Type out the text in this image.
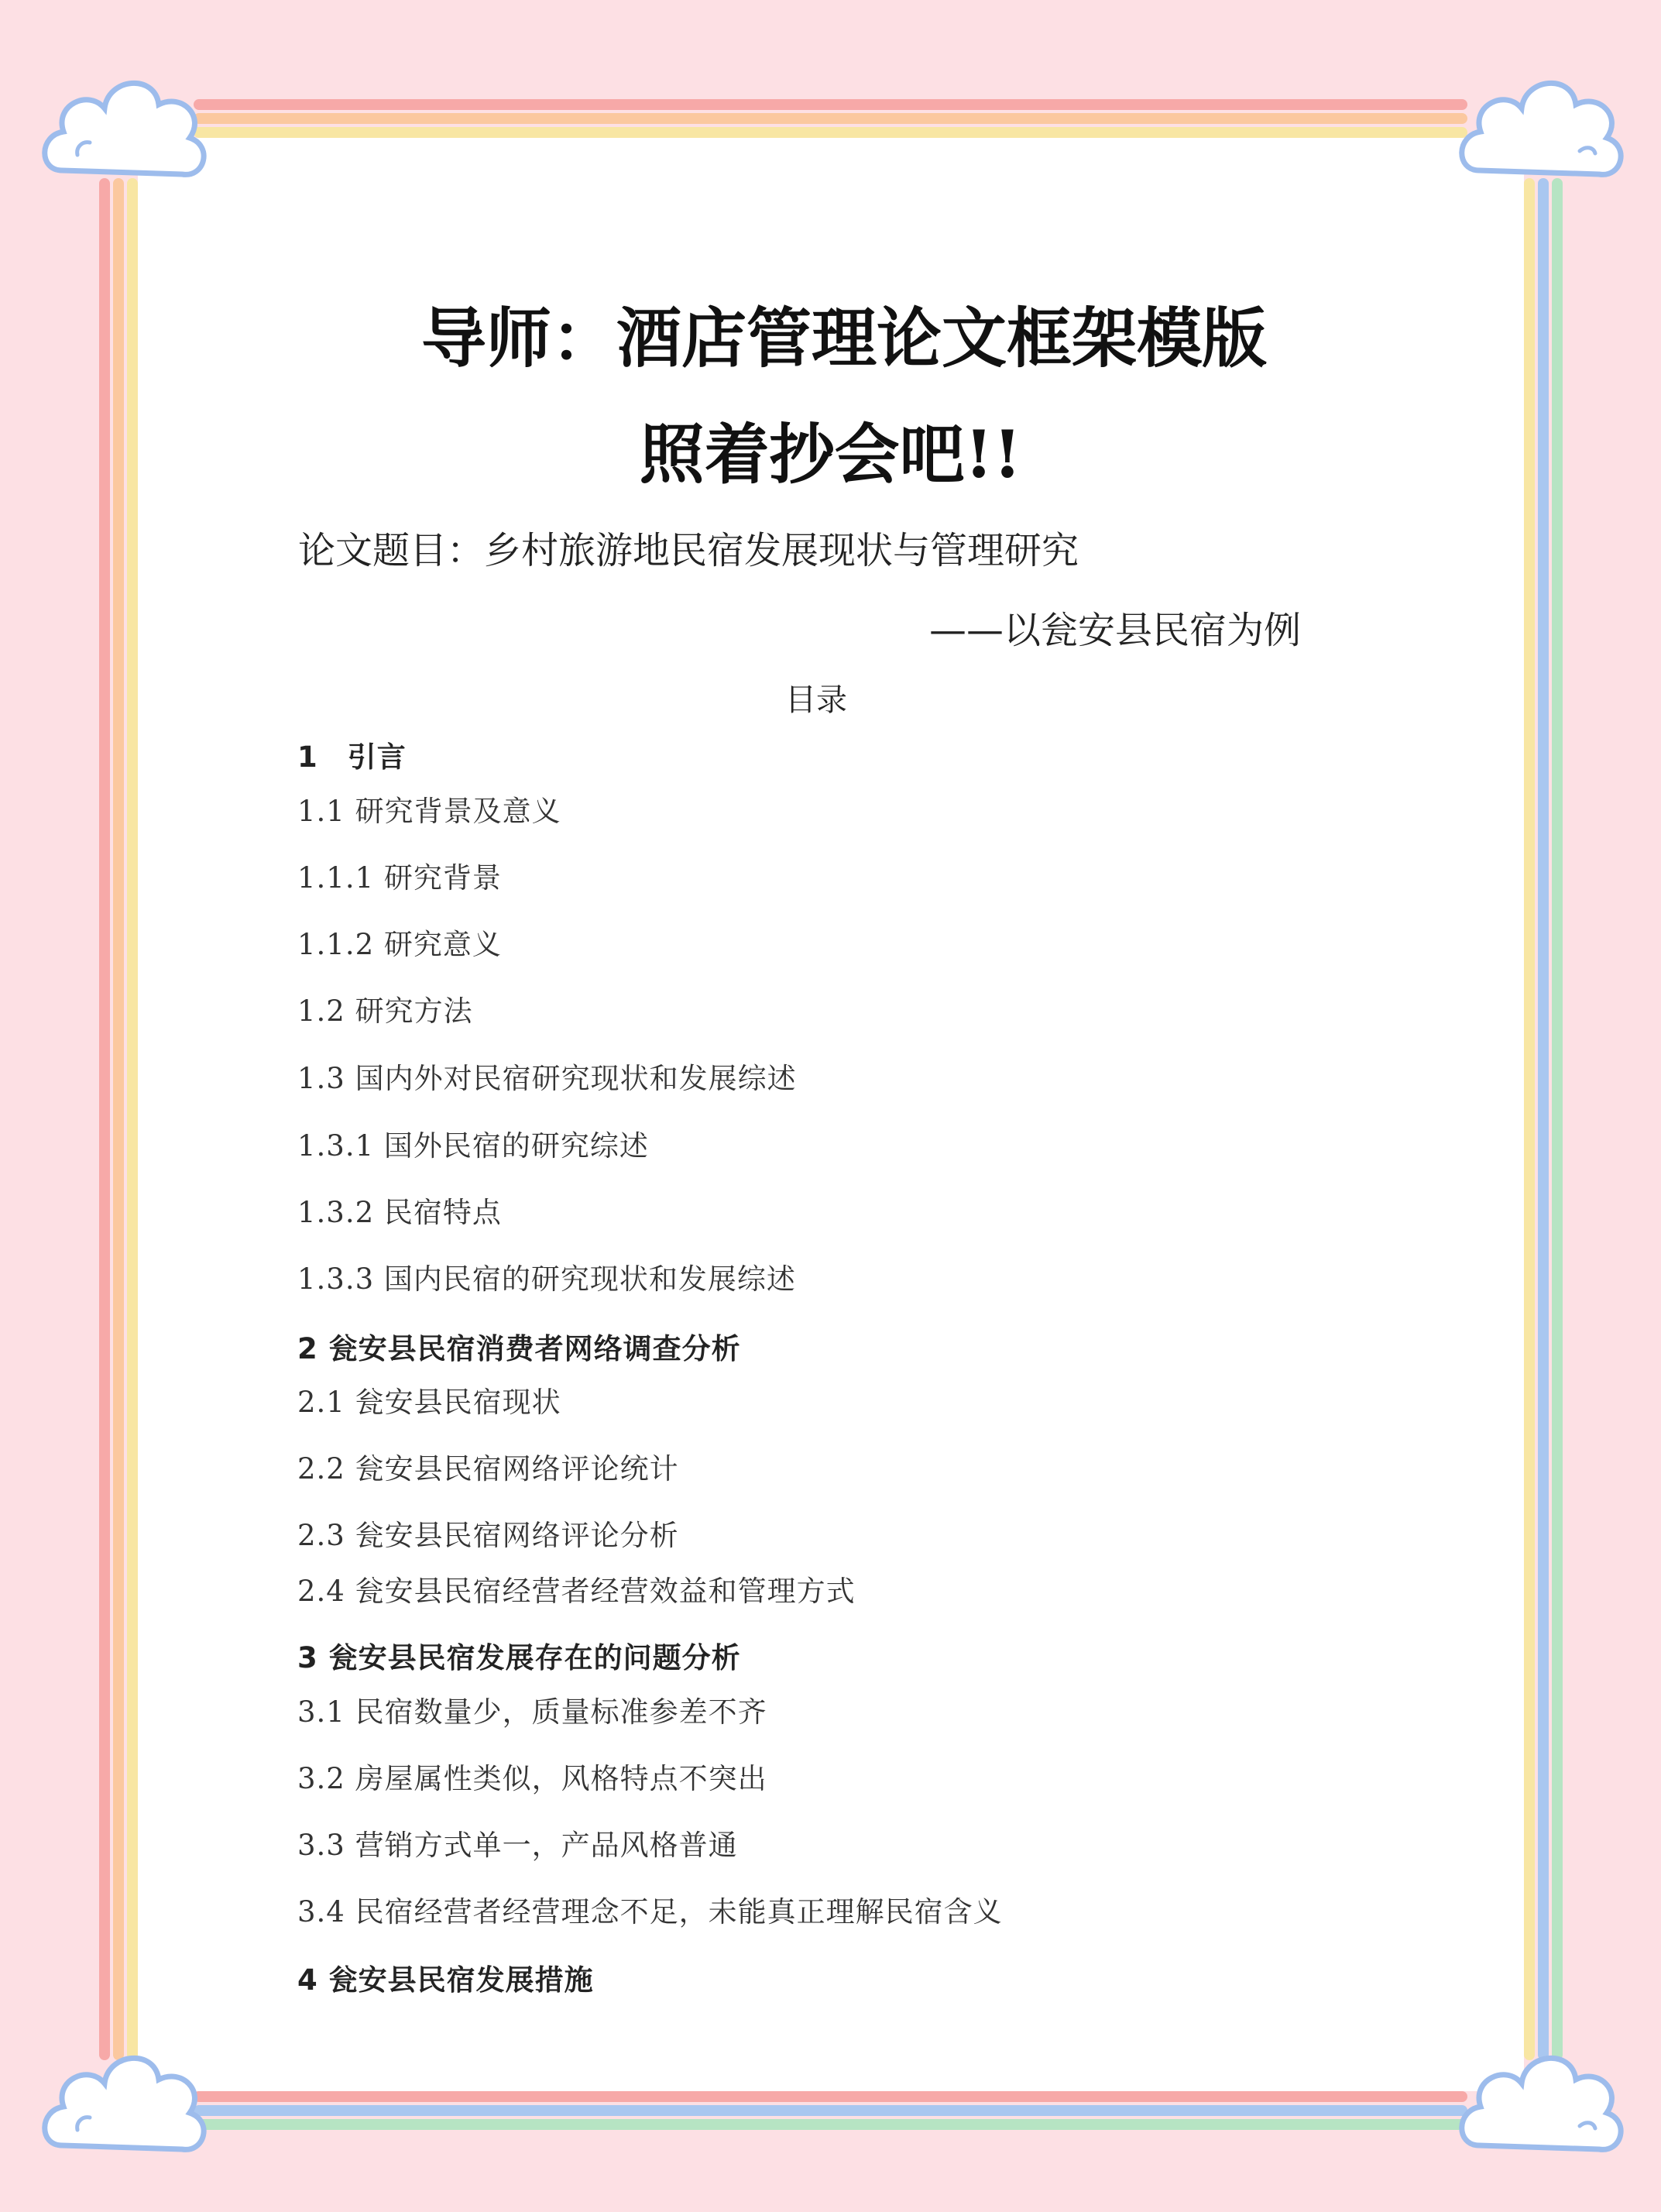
导师：酒店管理论文框架模版
照着抄会吧!!
论文题目：乡村旅游地民宿发展现状与管理研究
——以瓮安县民宿为例
目录
1　引言
1.1 研究背景及意义
1.1.1 研究背景
1.1.2 研究意义
1.2 研究方法
1.3 国内外对民宿研究现状和发展综述
1.3.1 国外民宿的研究综述
1.3.2 民宿特点
1.3.3 国内民宿的研究现状和发展综述
2 瓮安县民宿消费者网络调查分析
2.1 瓮安县民宿现状
2.2 瓮安县民宿网络评论统计
2.3 瓮安县民宿网络评论分析
2.4 瓮安县民宿经营者经营效益和管理方式
3 瓮安县民宿发展存在的问题分析
3.1 民宿数量少，质量标准参差不齐
3.2 房屋属性类似，风格特点不突出
3.3 营销方式单一，产品风格普通
3.4 民宿经营者经营理念不足，未能真正理解民宿含义
4 瓮安县民宿发展措施
